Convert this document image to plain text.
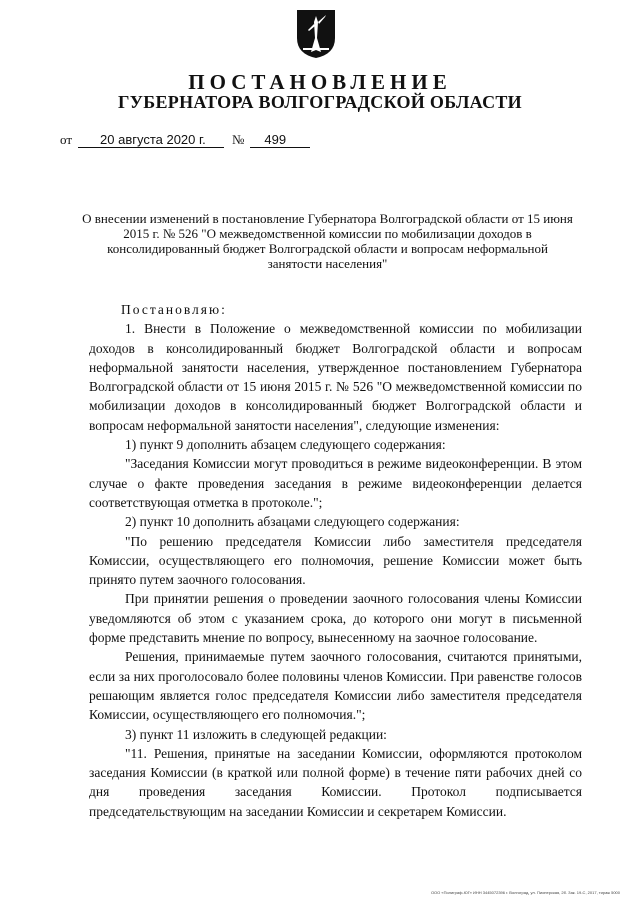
ПОСТАНОВЛЕНИЕ
ГУБЕРНАТОРА ВОЛГОГРАДСКОЙ ОБЛАСТИ
от	20 августа 2020 г.	№	499

О внесении изменений в постановление Губернатора Волгоградской области от 15 июня 2015 г. № 526 "О межведомственной комиссии по мобилизации доходов в консолидированный бюджет Волгоградской области и вопросам неформальной занятости населения"

Постановляю:

1. Внести в Положение о межведомственной комиссии по мобилизации доходов в консолидированный бюджет Волгоградской области и вопросам неформальной занятости населения, утвержденное постановлением Губернатора Волгоградской области от 15 июня 2015 г. № 526 "О межведомственной комиссии по мобилизации доходов в консолидированный бюджет Волгоградской области и вопросам неформальной занятости населения", следующие изменения:

1) пункт 9 дополнить абзацем следующего содержания:

"Заседания Комиссии могут проводиться в режиме видеоконференции. В этом случае о факте проведения заседания в режиме видеоконференции делается соответствующая отметка в протоколе.";

2) пункт 10 дополнить абзацами следующего содержания:

"По решению председателя Комиссии либо заместителя председателя Комиссии, осуществляющего его полномочия, решение Комиссии может быть принято путем заочного голосования.

При принятии решения о проведении заочного голосования члены Комиссии уведомляются об этом с указанием срока, до которого они могут в письменной форме представить мнение по вопросу, вынесенному на заочное голосование.

Решения, принимаемые путем заочного голосования, считаются принятыми, если за них проголосовало более половины членов Комиссии. При равенстве голосов решающим является голос председателя Комиссии либо заместителя председателя Комиссии, осуществляющего его полномочия.";

3) пункт 11 изложить в следующей редакции:

"11. Решения, принятые на заседании Комиссии, оформляются протоколом заседания Комиссии (в краткой или полной форме) в течение пяти рабочих дней со дня проведения заседания Комиссии. Протокол подписывается председательствующим на заседании Комиссии и секретарем Комиссии.

ООО «Полиграф-ЮГ» ИНН 3445072396 г. Волгоград, ул. Пионерская, 2б. Зак. 19-С, 2017, тираж 5000
